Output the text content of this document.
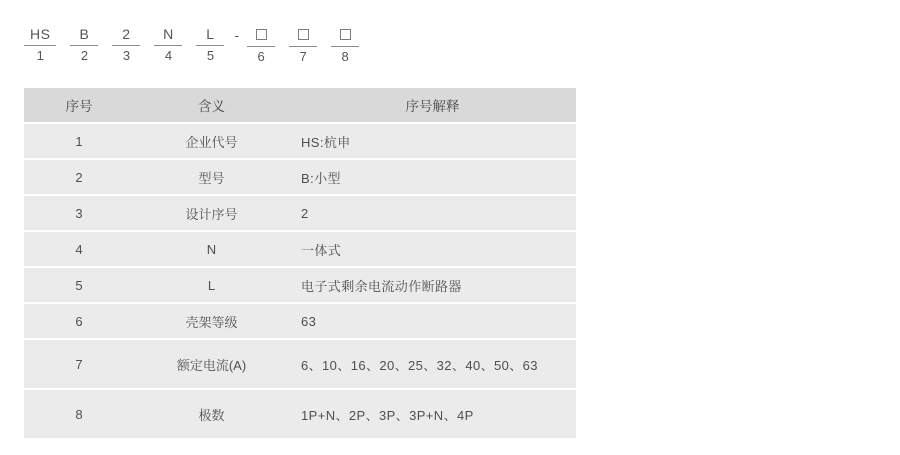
HS
1
B
2
2
3
N
4
L
5
-
6	7	8
序号	含义	序号解释

1	企业代号	HS:杭申

2	型号	B:小型

3	设计序号	2

4	N	一体式

5	L	电子式剩余电流动作断路器

6	壳架等级	63

7	额定电流(A)	6、10、16、20、25、32、40、50、63

8	极数	1P+N、2P、3P、3P+N、4P
